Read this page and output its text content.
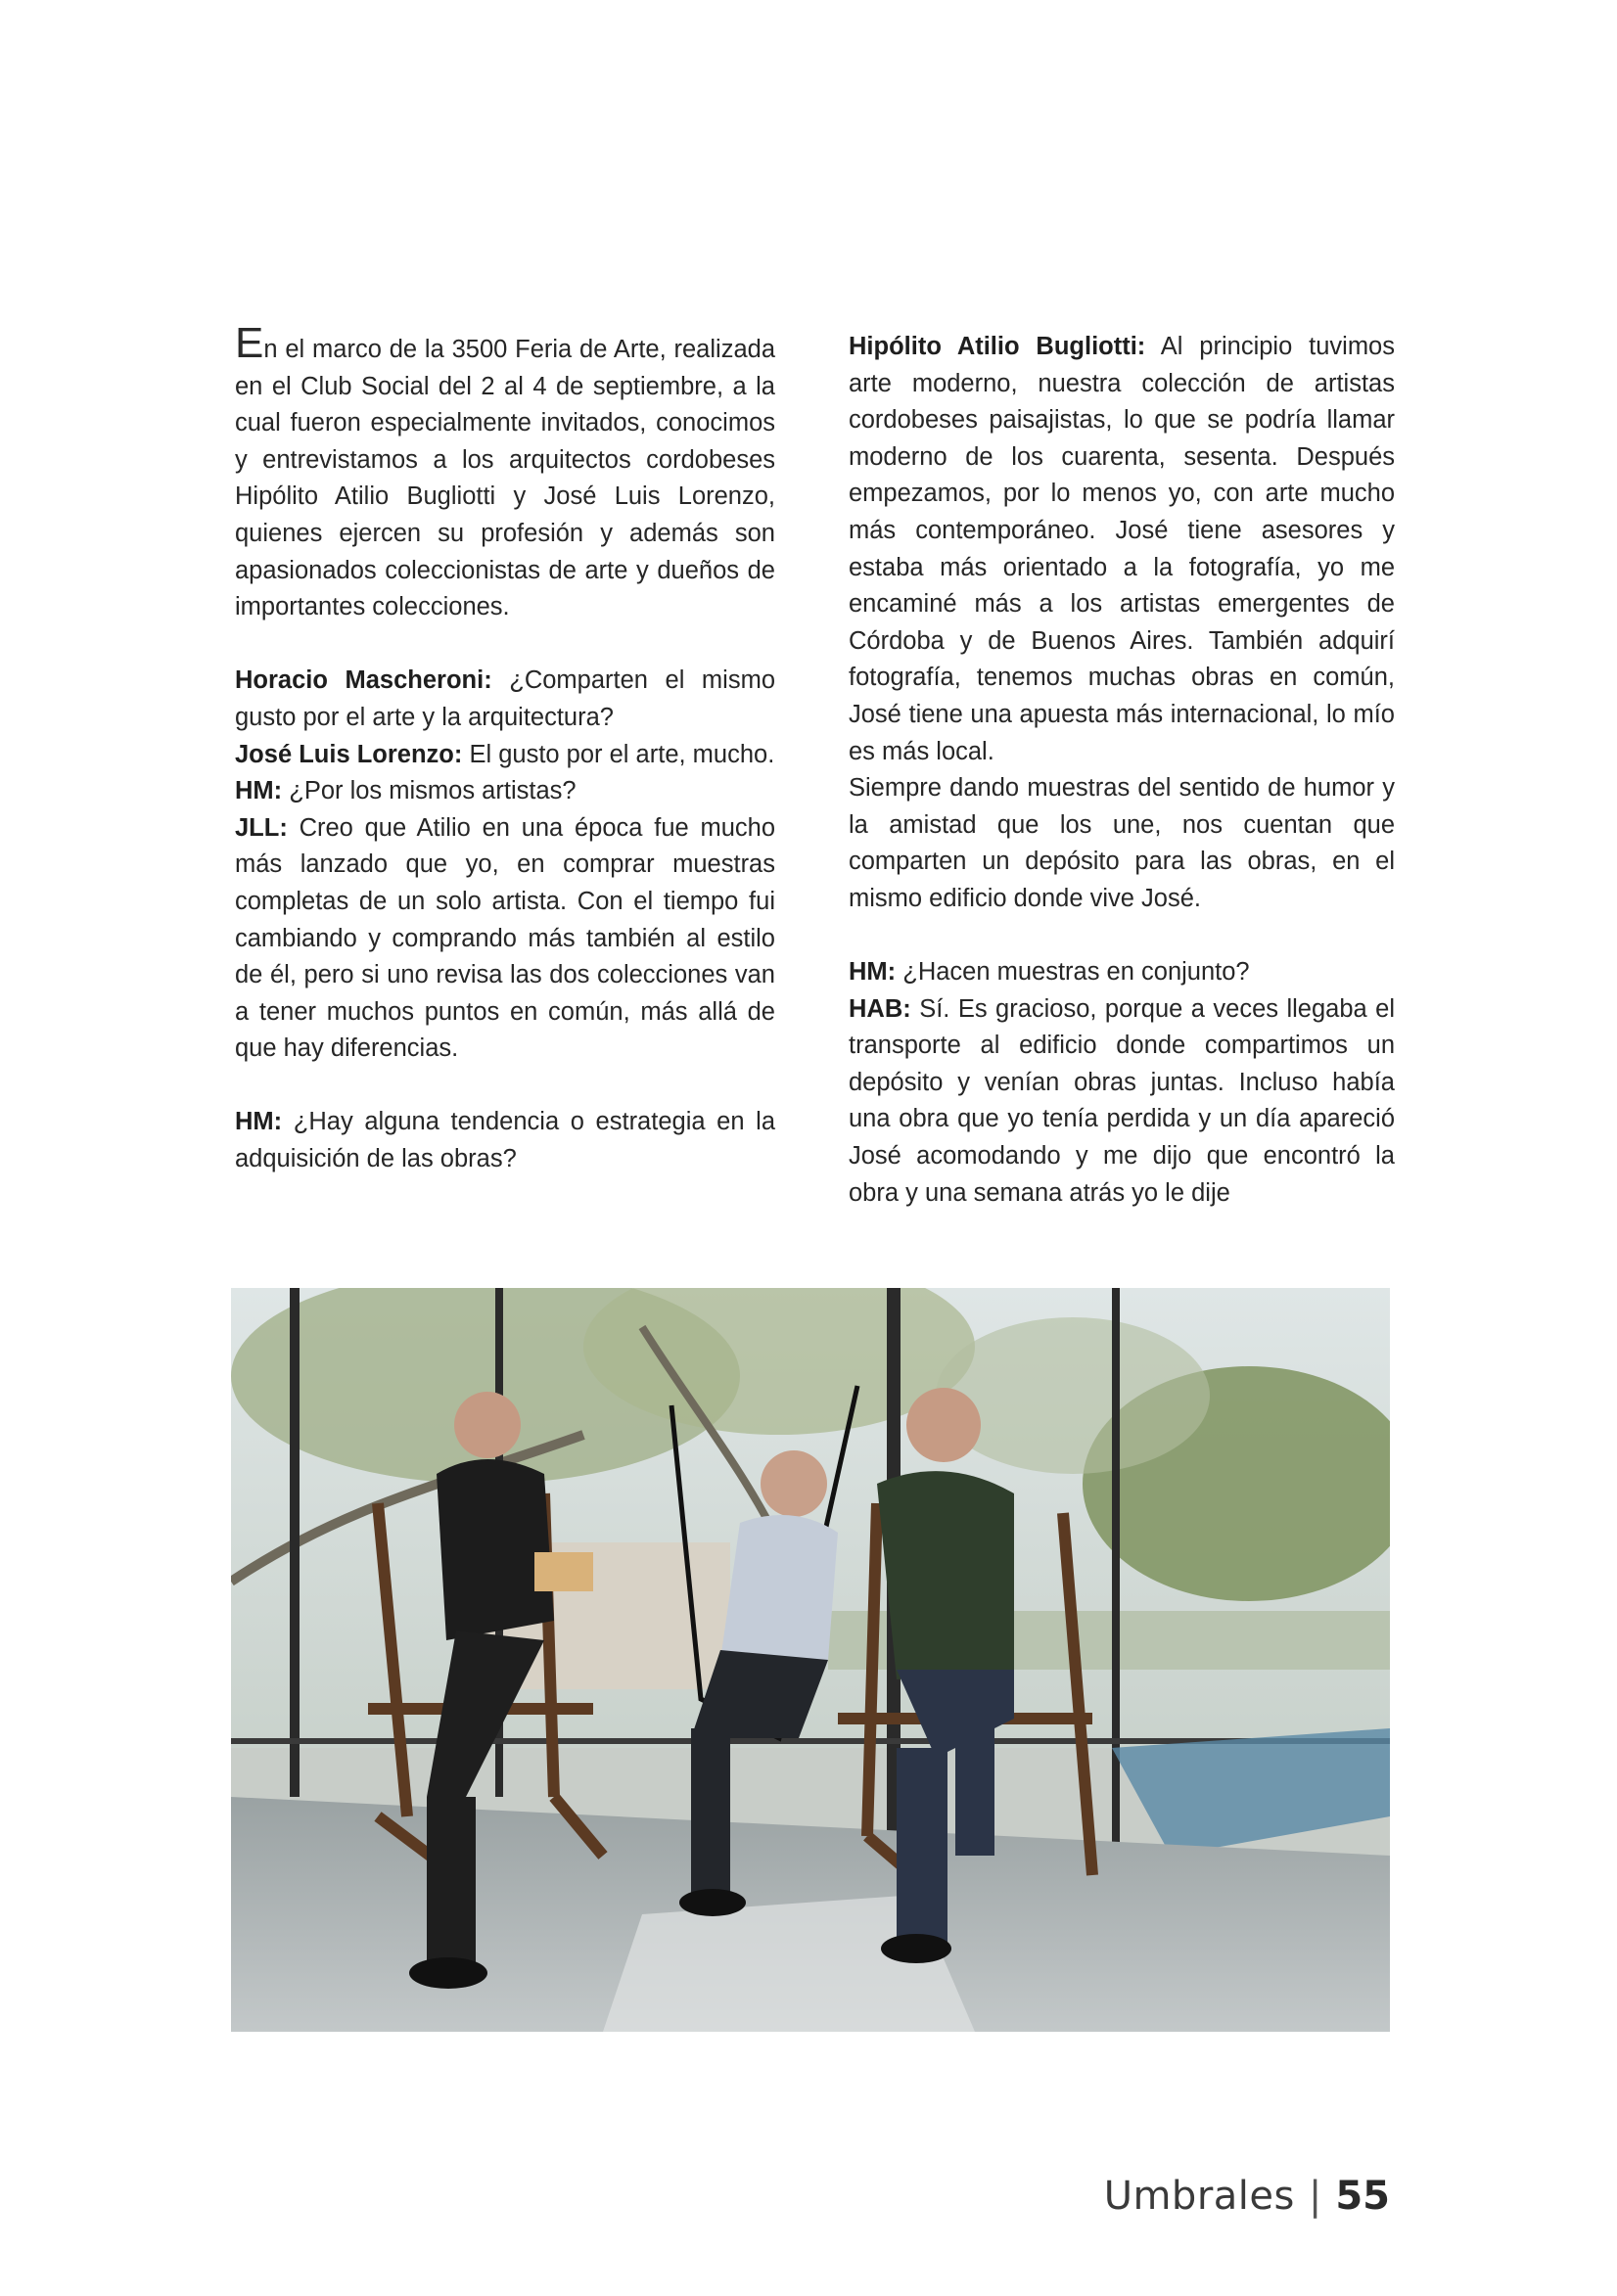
En el marco de la 3500 Feria de Arte, realizada en el Club Social del 2 al 4 de septiembre, a la cual fueron especialmente invitados, conocimos y entrevistamos a los arquitectos cordobeses Hipólito Atilio Bugliotti y José Luis Lorenzo, quienes ejercen su profesión y además son apasionados coleccionistas de arte y dueños de importantes colecciones.

Horacio Mascheroni: ¿Comparten el mismo gusto por el arte y la arquitectura?

José Luis Lorenzo: El gusto por el arte, mucho.

HM: ¿Por los mismos artistas?

JLL: Creo que Atilio en una época fue mucho más lanzado que yo, en comprar muestras completas de un solo artista. Con el tiempo fui cambiando y comprando más también al estilo de él, pero si uno revisa las dos colecciones van a tener muchos puntos en común, más allá de que hay diferencias.

HM: ¿Hay alguna tendencia o estrategia en la adquisición de las obras?

Hipólito Atilio Bugliotti: Al principio tuvimos arte moderno, nuestra colección de artistas cordobeses paisajistas, lo que se podría llamar moderno de los cuarenta, sesenta. Después empezamos, por lo menos yo, con arte mucho más contemporáneo. José tiene asesores y estaba más orientado a la fotografía, yo me encaminé más a los artistas emergentes de Córdoba y de Buenos Aires. También adquirí fotografía, tenemos muchas obras en común, José tiene una apuesta más internacional, lo mío es más local.

Siempre dando muestras del sentido de humor y la amistad que los une, nos cuentan que comparten un depósito para las obras, en el mismo edificio donde vive José.

HM: ¿Hacen muestras en conjunto?

HAB: Sí. Es gracioso, porque a veces llegaba el transporte al edificio donde compartimos un depósito y venían obras juntas. Incluso había una obra que yo tenía perdida y un día apareció José acomodando y me dijo que encontró la obra y una semana atrás yo le dije

Umbrales | 55
